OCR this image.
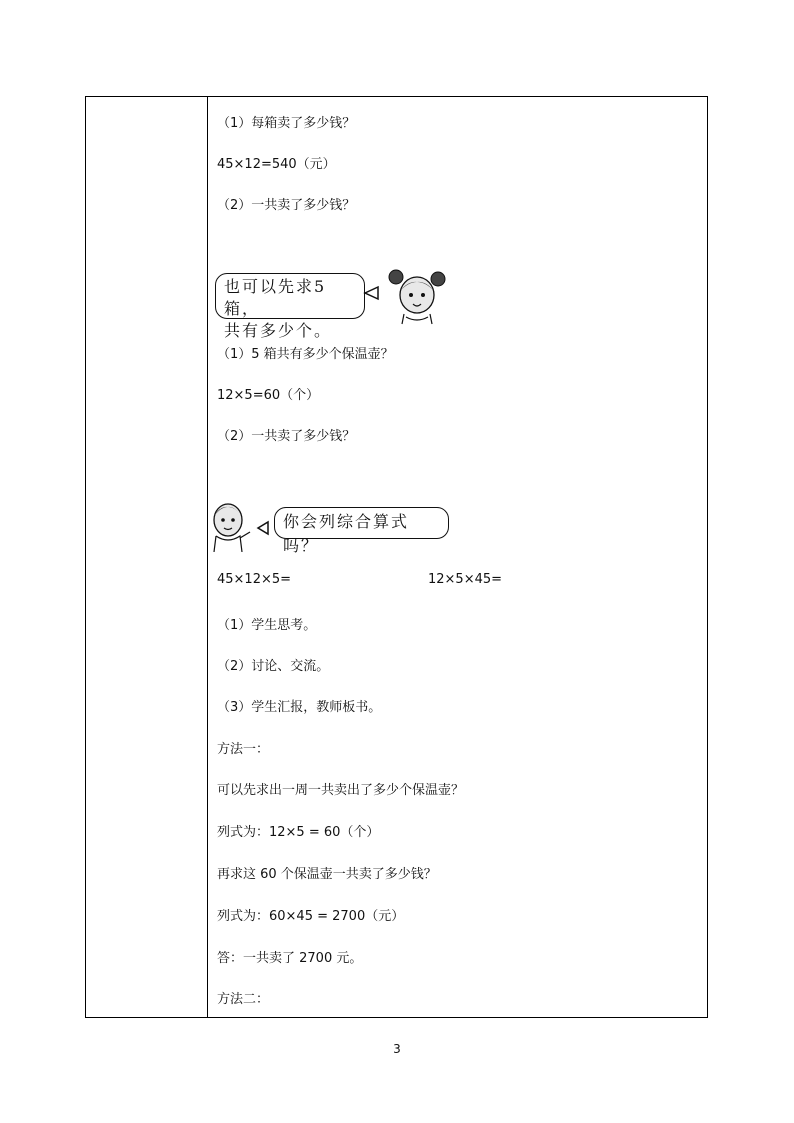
（1）每箱卖了多少钱？
45×12=540（元）
（2）一共卖了多少钱？
也可以先求5箱，
共有多少个。
（1）5 箱共有多少个保温壶？
12×5=60（个）
（2）一共卖了多少钱？
你会列综合算式吗？
45×12×5=	12×5×45=
（1）学生思考。
（2）讨论、交流。
（3）学生汇报，教师板书。
方法一：
可以先求出一周一共卖出了多少个保温壶？
列式为：12×5 = 60（个）
再求这 60 个保温壶一共卖了多少钱？
列式为：60×45 = 2700（元）
答：一共卖了 2700 元。
方法二：
3
